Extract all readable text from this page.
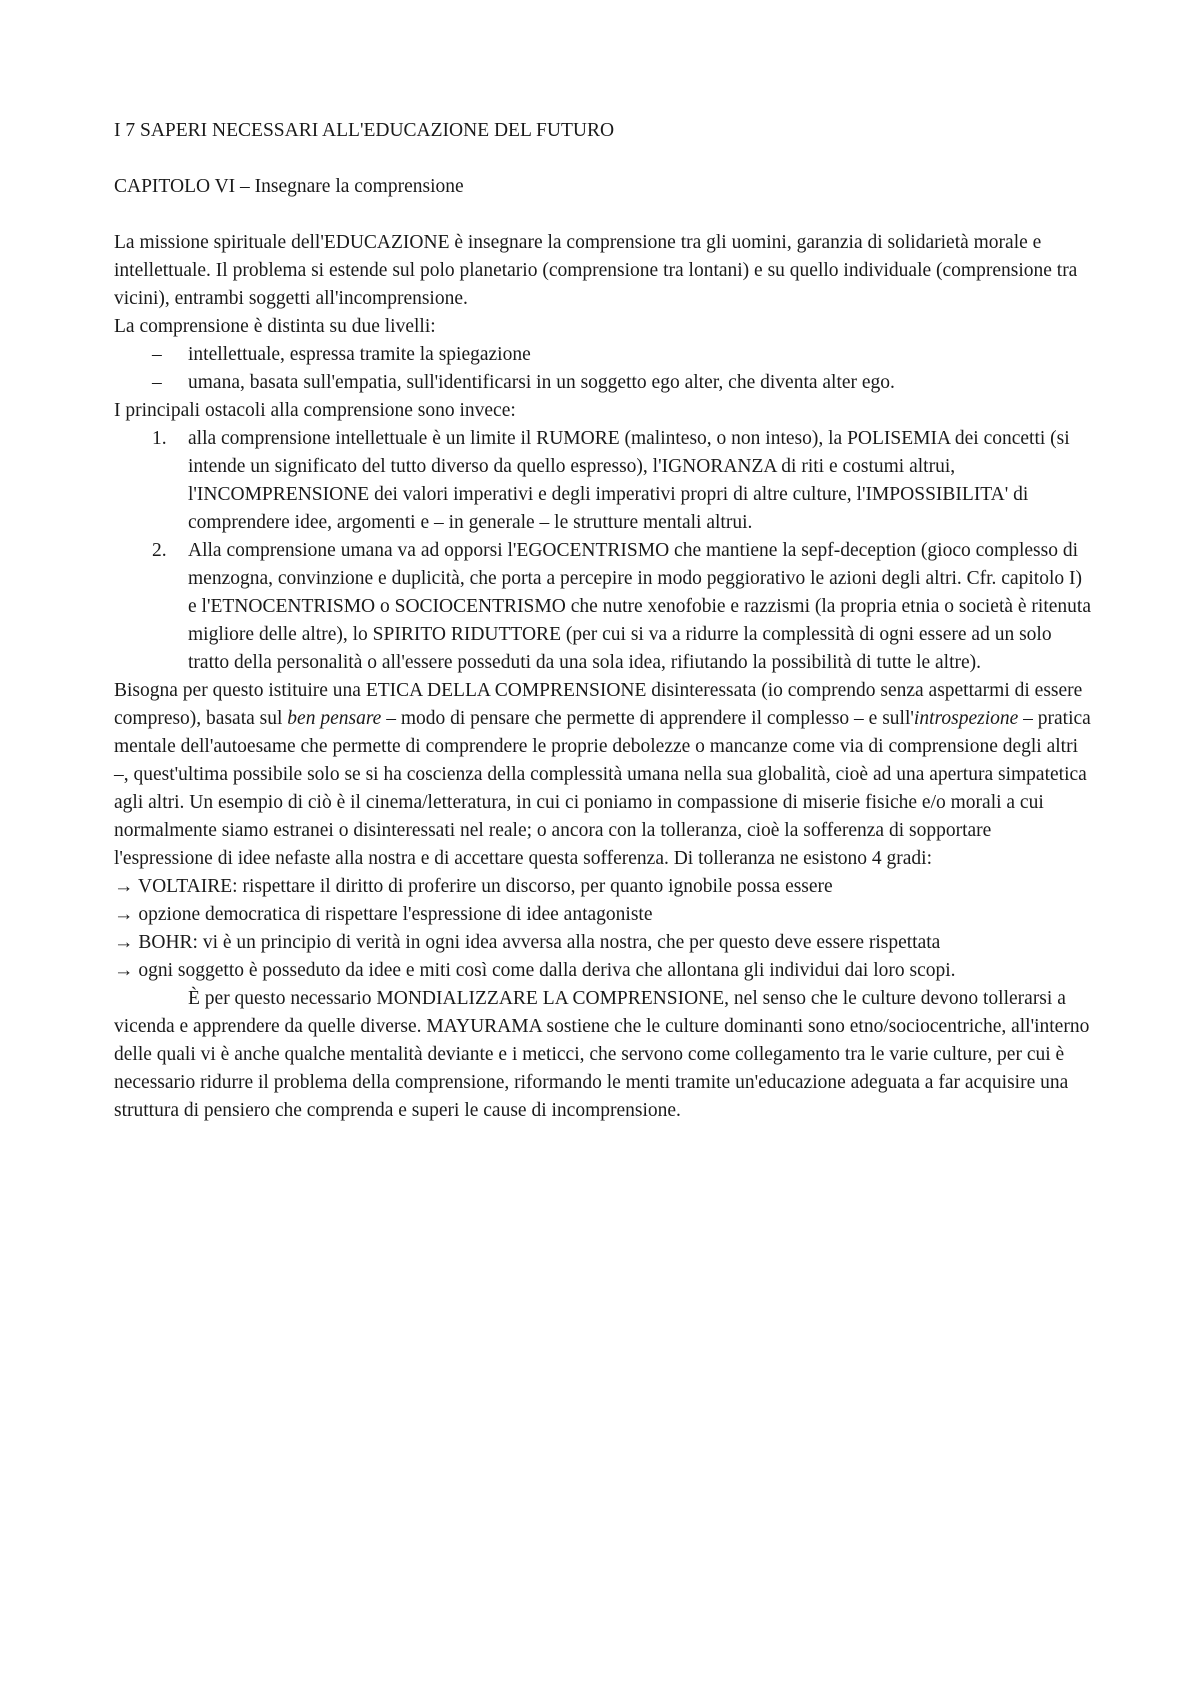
I 7 SAPERI NECESSARI ALL'EDUCAZIONE DEL FUTURO

CAPITOLO VI – Insegnare la comprensione

La missione spirituale dell'EDUCAZIONE è insegnare la comprensione tra gli uomini, garanzia di solidarietà morale e intellettuale. Il problema si estende sul polo planetario (comprensione tra lontani) e su quello individuale (comprensione tra vicini), entrambi soggetti all'incomprensione.

La comprensione è distinta su due livelli:

– intellettuale, espressa tramite la spiegazione
– umana, basata sull'empatia, sull'identificarsi in un soggetto ego alter, che diventa alter ego.

I principali ostacoli alla comprensione sono invece:

1. alla comprensione intellettuale è un limite il RUMORE (malinteso, o non inteso), la POLISEMIA dei concetti (si intende un significato del tutto diverso da quello espresso), l'IGNORANZA di riti e costumi altrui, l'INCOMPRENSIONE dei valori imperativi e degli imperativi propri di altre culture, l'IMPOSSIBILITA' di comprendere idee, argomenti e – in generale – le strutture mentali altrui.
2. Alla comprensione umana va ad opporsi l'EGOCENTRISMO che mantiene la sepf-deception (gioco complesso di menzogna, convinzione e duplicità, che porta a percepire in modo peggiorativo le azioni degli altri. Cfr. capitolo I) e l'ETNOCENTRISMO o SOCIOCENTRISMO che nutre xenofobie e razzismi (la propria etnia o società è ritenuta migliore delle altre), lo SPIRITO RIDUTTORE (per cui si va a ridurre la complessità di ogni essere ad un solo tratto della personalità o all'essere posseduti da una sola idea, rifiutando la possibilità di tutte le altre).

Bisogna per questo istituire una ETICA DELLA COMPRENSIONE disinteressata (io comprendo senza aspettarmi di essere compreso), basata sul ben pensare – modo di pensare che permette di apprendere il complesso – e sull'introspezione – pratica mentale dell'autoesame che permette di comprendere le proprie debolezze o mancanze come via di comprensione degli altri –, quest'ultima possibile solo se si ha coscienza della complessità umana nella sua globalità, cioè ad una apertura simpatetica agli altri. Un esempio di ciò è il cinema/letteratura, in cui ci poniamo in compassione di miserie fisiche e/o morali a cui normalmente siamo estranei o disinteressati nel reale; o ancora con la tolleranza, cioè la sofferenza di sopportare l'espressione di idee nefaste alla nostra e di accettare questa sofferenza. Di tolleranza ne esistono 4 gradi:

→ VOLTAIRE: rispettare il diritto di proferire un discorso, per quanto ignobile possa essere

→ opzione democratica di rispettare l'espressione di idee antagoniste

→ BOHR: vi è un principio di verità in ogni idea avversa alla nostra, che per questo deve essere rispettata

→ ogni soggetto è posseduto da idee e miti così come dalla deriva che allontana gli individui dai loro scopi.

È per questo necessario MONDIALIZZARE LA COMPRENSIONE, nel senso che le culture devono tollerarsi a vicenda e apprendere da quelle diverse. MAYURAMA sostiene che le culture dominanti sono etno/sociocentriche, all'interno delle quali vi è anche qualche mentalità deviante e i meticci, che servono come collegamento tra le varie culture, per cui è necessario ridurre il problema della comprensione, riformando le menti tramite un'educazione adeguata a far acquisire una struttura di pensiero che comprenda e superi le cause di incomprensione.
